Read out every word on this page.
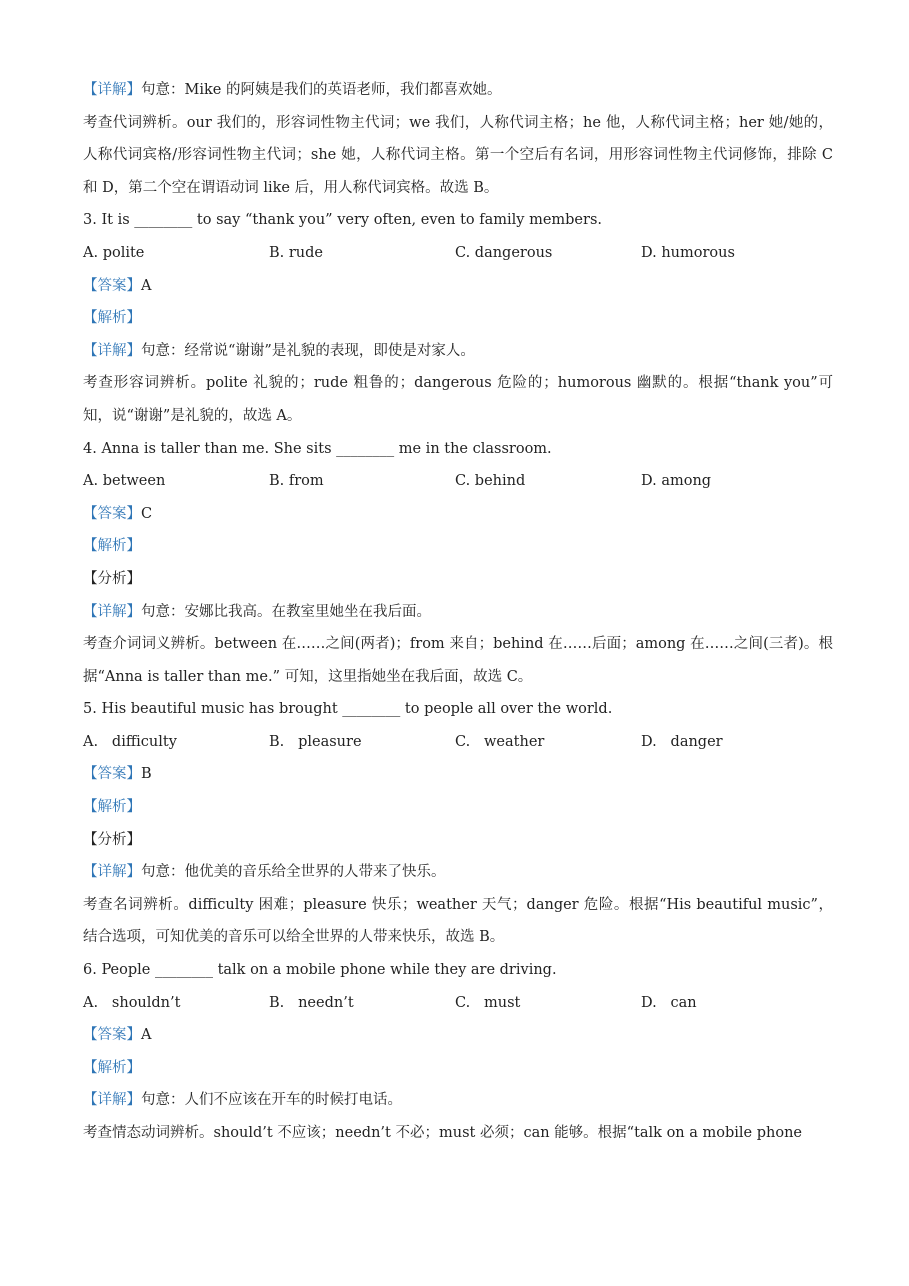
【详解】句意：Mike 的阿姨是我们的英语老师，我们都喜欢她。
考查代词辨析。our 我们的，形容词性物主代词；we 我们，人称代词主格；he 他，人称代词主格；her 她/她的，人称代词宾格/形容词性物主代词；she 她，人称代词主格。第一个空后有名词，用形容词性物主代词修饰，排除 C 和 D，第二个空在谓语动词 like 后，用人称代词宾格。故选 B。
3. It is ________ to say “thank you” very often, even to family members.
A. polite	B. rude	C. dangerous	D. humorous
【答案】A
【解析】
【详解】句意：经常说“谢谢”是礼貌的表现，即使是对家人。
考查形容词辨析。polite 礼貌的；rude 粗鲁的；dangerous 危险的；humorous 幽默的。根据“thank you”可知，说“谢谢”是礼貌的，故选 A。
4. Anna is taller than me. She sits ________ me in the classroom.
A. between	B. from	C. behind	D. among
【答案】C
【解析】
【分析】
【详解】句意：安娜比我高。在教室里她坐在我后面。
考查介词词义辨析。between 在……之间(两者)；from 来自；behind 在……后面；among 在……之间(三者)。根据“Anna is taller than me.” 可知，这里指她坐在我后面，故选 C。
5. His beautiful music has brought ________ to people all over the world.
A.   difficulty	B.   pleasure	C.   weather	D.   danger
【答案】B
【解析】
【分析】
【详解】句意：他优美的音乐给全世界的人带来了快乐。
考查名词辨析。difficulty 困难；pleasure 快乐；weather 天气；danger 危险。根据“His beautiful music”，结合选项，可知优美的音乐可以给全世界的人带来快乐，故选 B。
6. People ________ talk on a mobile phone while they are driving.
A.   shouldn’t	B.   needn’t	C.   must	D.   can
【答案】A
【解析】
【详解】句意：人们不应该在开车的时候打电话。
考查情态动词辨析。should’t 不应该；needn’t 不必；must 必须；can 能够。根据“talk on a mobile phone
